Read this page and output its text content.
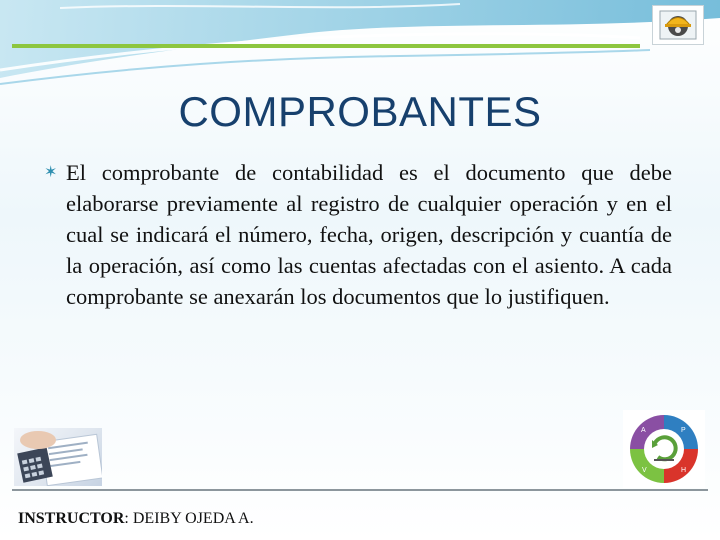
COMPROBANTES
✶ El comprobante de contabilidad es el documento que debe elaborarse previamente al registro de cualquier operación y en el cual se indicará el número, fecha, origen, descripción y cuantía de la operación, así como las cuentas afectadas con el asiento. A cada comprobante se anexarán los documentos que lo justifiquen.
A	P
V	H
INSTRUCTOR: DEIBY OJEDA A.
